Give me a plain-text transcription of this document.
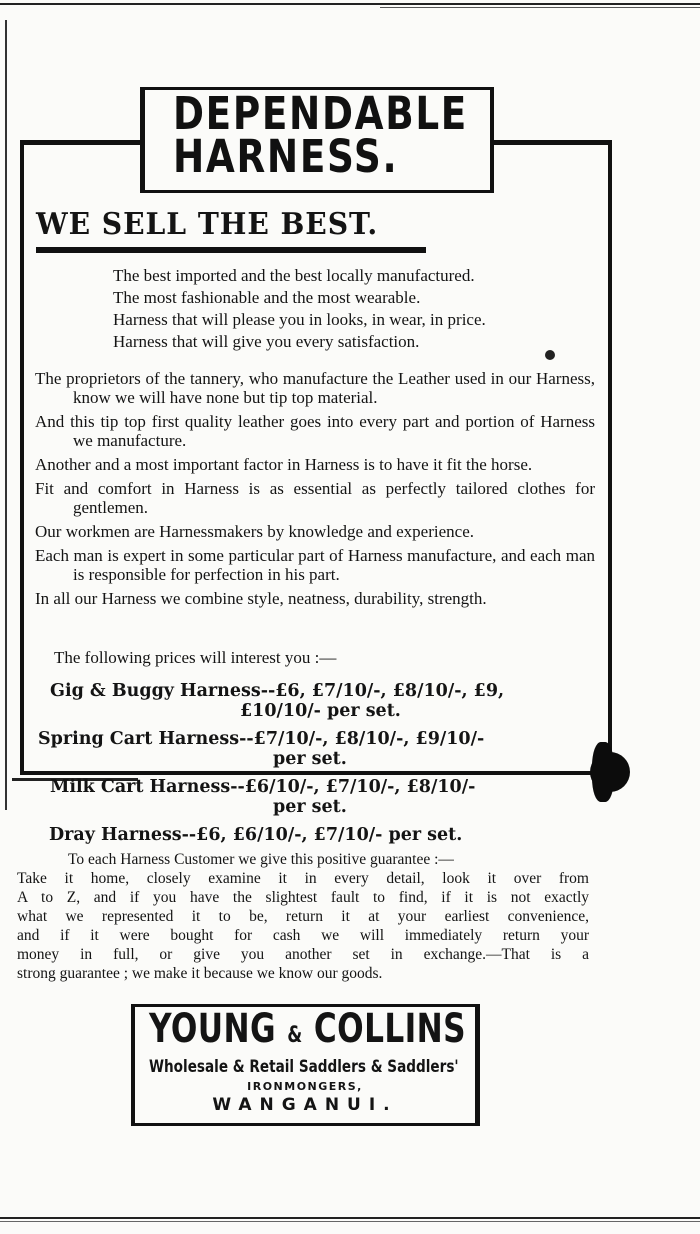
DEPENDABLE
HARNESS.
WE SELL THE BEST.
The best imported and the best locally manufactured.
The most fashionable and the most wearable.
Harness that will please you in looks, in wear, in price.
Harness that will give you every satisfaction.

The proprietors of the tannery, who manufacture the Leather used in our Harness, know we will have none but tip top material.

And this tip top first quality leather goes into every part and portion of Harness we manufacture.

Another and a most important factor in Harness is to have it fit the horse.

Fit and comfort in Harness is as essential as perfectly tailored clothes for gentlemen.

Our workmen are Harnessmakers by knowledge and experience.

Each man is expert in some particular part of Harness manufacture, and each man is responsible for perfection in his part.

In all our Harness we combine style, neatness, durability, strength.

The following prices will interest you :—
Gig & Buggy Harness--£6, £7/10/-, £8/10/-, £9,
£10/10/- per set.
Spring Cart Harness--£7/10/-, £8/10/-, £9/10/-
per set.
Milk Cart Harness--£6/10/-, £7/10/-, £8/10/-
per set.
Dray Harness--£6, £6/10/-, £7/10/- per set.
To each Harness Customer we give this positive guarantee :—
Take it home, closely examine it in every detail, look it over from
A to Z, and if you have the slightest fault to find, if it is not exactly
what we represented it to be, return it at your earliest convenience,
and if it were bought for cash we will immediately return your
money in full, or give you another set in exchange.—That is a
strong guarantee ; we make it because we know our goods.
YOUNG & COLLINS
Wholesale & Retail Saddlers & Saddlers'
IRONMONGERS,
WANGANUI.
